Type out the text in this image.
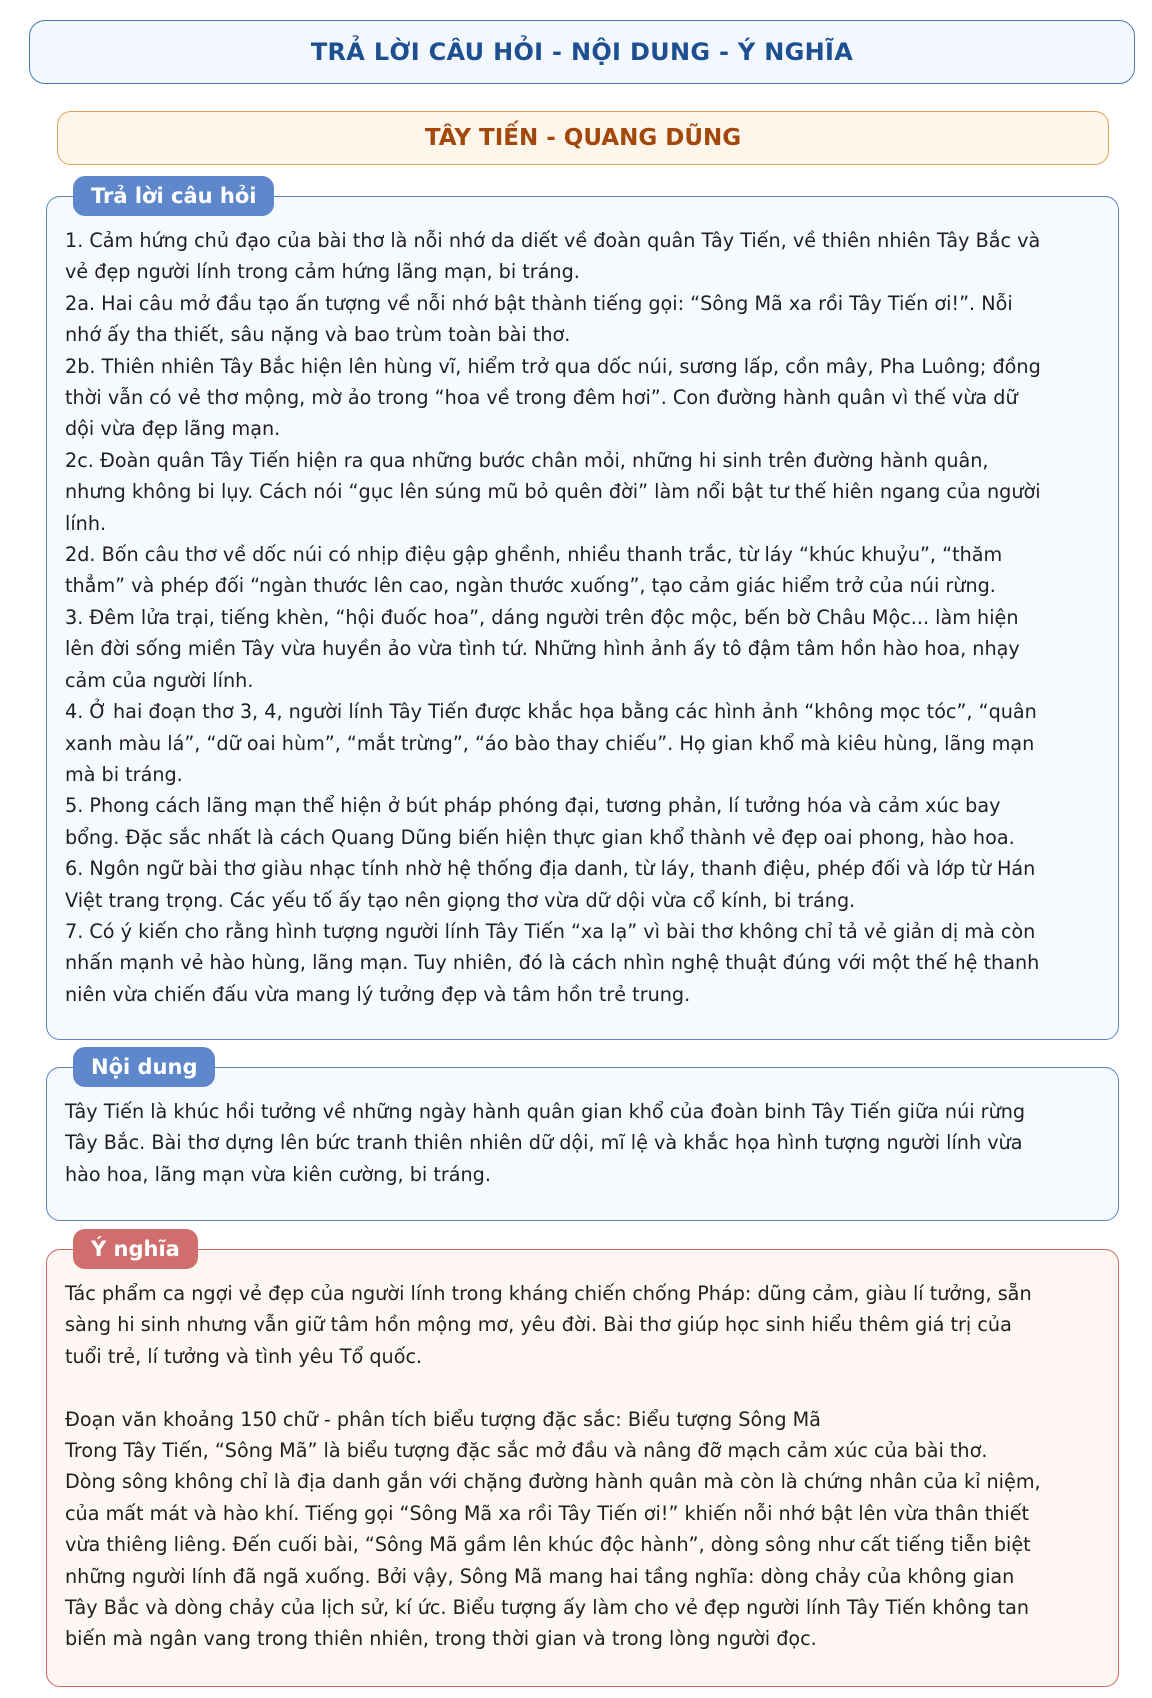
TRẢ LỜI CÂU HỎI - NỘI DUNG - Ý NGHĨA
TÂY TIẾN - QUANG DŨNG
Trả lời câu hỏi

1. Cảm hứng chủ đạo của bài thơ là nỗi nhớ da diết về đoàn quân Tây Tiến, về thiên nhiên Tây Bắc và

vẻ đẹp người lính trong cảm hứng lãng mạn, bi tráng.

2a. Hai câu mở đầu tạo ấn tượng về nỗi nhớ bật thành tiếng gọi: “Sông Mã xa rồi Tây Tiến ơi!”. Nỗi

nhớ ấy tha thiết, sâu nặng và bao trùm toàn bài thơ.

2b. Thiên nhiên Tây Bắc hiện lên hùng vĩ, hiểm trở qua dốc núi, sương lấp, cồn mây, Pha Luông; đồng

thời vẫn có vẻ thơ mộng, mờ ảo trong “hoa về trong đêm hơi”. Con đường hành quân vì thế vừa dữ

dội vừa đẹp lãng mạn.

2c. Đoàn quân Tây Tiến hiện ra qua những bước chân mỏi, những hi sinh trên đường hành quân,

nhưng không bi lụy. Cách nói “gục lên súng mũ bỏ quên đời” làm nổi bật tư thế hiên ngang của người

lính.

2d. Bốn câu thơ về dốc núi có nhịp điệu gập ghềnh, nhiều thanh trắc, từ láy “khúc khuỷu”, “thăm

thẳm” và phép đối “ngàn thước lên cao, ngàn thước xuống”, tạo cảm giác hiểm trở của núi rừng.

3. Đêm lửa trại, tiếng khèn, “hội đuốc hoa”, dáng người trên độc mộc, bến bờ Châu Mộc... làm hiện

lên đời sống miền Tây vừa huyền ảo vừa tình tứ. Những hình ảnh ấy tô đậm tâm hồn hào hoa, nhạy

cảm của người lính.

4. Ở hai đoạn thơ 3, 4, người lính Tây Tiến được khắc họa bằng các hình ảnh “không mọc tóc”, “quân

xanh màu lá”, “dữ oai hùm”, “mắt trừng”, “áo bào thay chiếu”. Họ gian khổ mà kiêu hùng, lãng mạn

mà bi tráng.

5. Phong cách lãng mạn thể hiện ở bút pháp phóng đại, tương phản, lí tưởng hóa và cảm xúc bay

bổng. Đặc sắc nhất là cách Quang Dũng biến hiện thực gian khổ thành vẻ đẹp oai phong, hào hoa.

6. Ngôn ngữ bài thơ giàu nhạc tính nhờ hệ thống địa danh, từ láy, thanh điệu, phép đối và lớp từ Hán

Việt trang trọng. Các yếu tố ấy tạo nên giọng thơ vừa dữ dội vừa cổ kính, bi tráng.

7. Có ý kiến cho rằng hình tượng người lính Tây Tiến “xa lạ” vì bài thơ không chỉ tả vẻ giản dị mà còn

nhấn mạnh vẻ hào hùng, lãng mạn. Tuy nhiên, đó là cách nhìn nghệ thuật đúng với một thế hệ thanh

niên vừa chiến đấu vừa mang lý tưởng đẹp và tâm hồn trẻ trung.

Nội dung

Tây Tiến là khúc hồi tưởng về những ngày hành quân gian khổ của đoàn binh Tây Tiến giữa núi rừng

Tây Bắc. Bài thơ dựng lên bức tranh thiên nhiên dữ dội, mĩ lệ và khắc họa hình tượng người lính vừa

hào hoa, lãng mạn vừa kiên cường, bi tráng.

Ý nghĩa

Tác phẩm ca ngợi vẻ đẹp của người lính trong kháng chiến chống Pháp: dũng cảm, giàu lí tưởng, sẵn

sàng hi sinh nhưng vẫn giữ tâm hồn mộng mơ, yêu đời. Bài thơ giúp học sinh hiểu thêm giá trị của

tuổi trẻ, lí tưởng và tình yêu Tổ quốc.

Đoạn văn khoảng 150 chữ - phân tích biểu tượng đặc sắc: Biểu tượng Sông Mã

Trong Tây Tiến, “Sông Mã” là biểu tượng đặc sắc mở đầu và nâng đỡ mạch cảm xúc của bài thơ.

Dòng sông không chỉ là địa danh gắn với chặng đường hành quân mà còn là chứng nhân của kỉ niệm,

của mất mát và hào khí. Tiếng gọi “Sông Mã xa rồi Tây Tiến ơi!” khiến nỗi nhớ bật lên vừa thân thiết

vừa thiêng liêng. Đến cuối bài, “Sông Mã gầm lên khúc độc hành”, dòng sông như cất tiếng tiễn biệt

những người lính đã ngã xuống. Bởi vậy, Sông Mã mang hai tầng nghĩa: dòng chảy của không gian

Tây Bắc và dòng chảy của lịch sử, kí ức. Biểu tượng ấy làm cho vẻ đẹp người lính Tây Tiến không tan

biến mà ngân vang trong thiên nhiên, trong thời gian và trong lòng người đọc.
